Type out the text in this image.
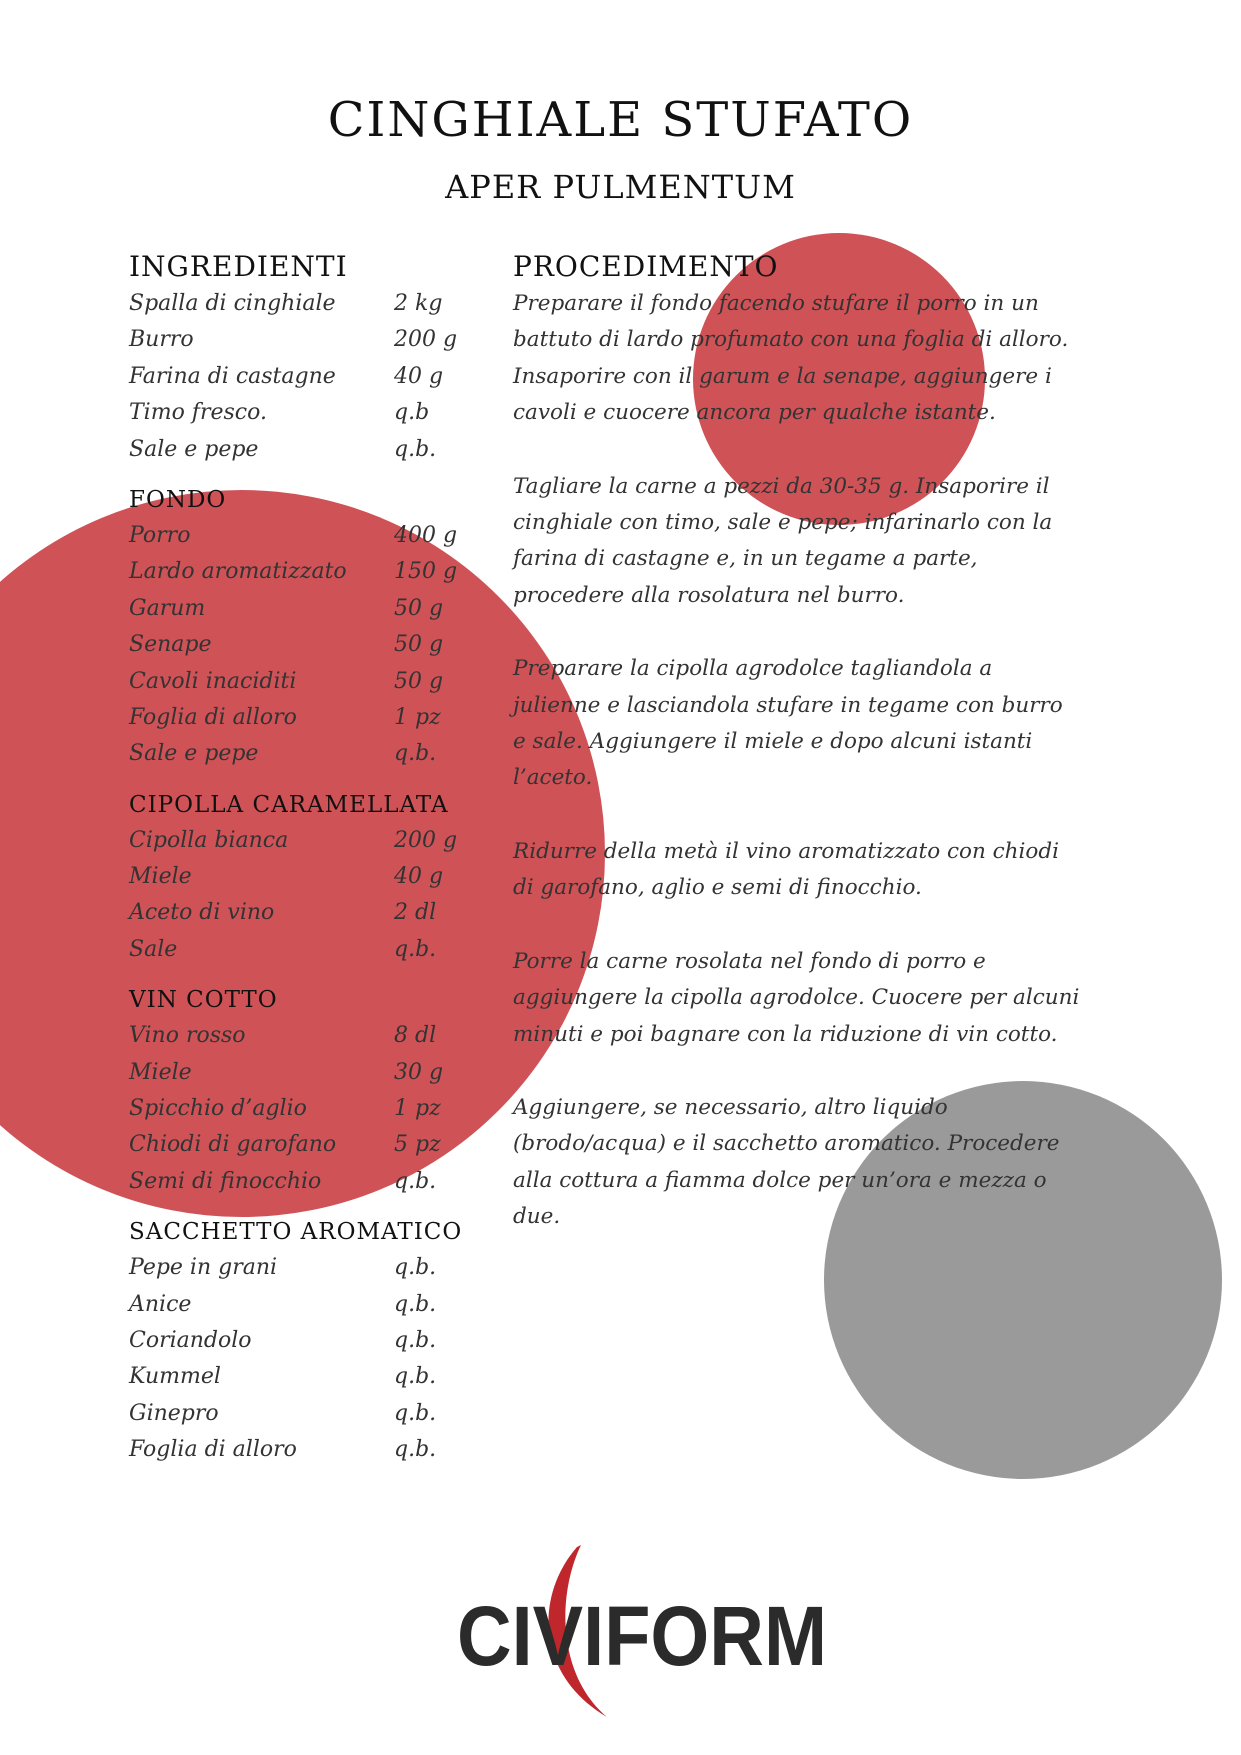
CINGHIALE STUFATO
APER PULMENTUM
INGREDIENTI
Spalla di cinghiale	2 kg
Burro	200 g
Farina di castagne	40 g
Timo fresco.	q.b
Sale e pepe	q.b.
FONDO
Porro	400 g
Lardo aromatizzato	150 g
Garum	50 g
Senape	50 g
Cavoli inaciditi	50 g
Foglia di alloro	1 pz
Sale e pepe	q.b.
CIPOLLA CARAMELLATA
Cipolla bianca	200 g
Miele	40 g
Aceto di vino	2 dl
Sale	q.b.
VIN COTTO
Vino rosso	8 dl
Miele	30 g
Spicchio d’aglio	1 pz
Chiodi di garofano	5 pz
Semi di finocchio	q.b.
SACCHETTO AROMATICO
Pepe in grani	q.b.
Anice	q.b.
Coriandolo	q.b.
Kummel	q.b.
Ginepro	q.b.
Foglia di alloro	q.b.
PROCEDIMENTO

Preparare il fondo facendo stufare il porro in un
battuto di lardo profumato con una foglia di alloro.
Insaporire con il garum e la senape, aggiungere i
cavoli e cuocere ancora per qualche istante.

Tagliare la carne a pezzi da 30-35 g. Insaporire il
cinghiale con timo, sale e pepe; infarinarlo con la
farina di castagne e, in un tegame a parte,
procedere alla rosolatura nel burro.

Preparare la cipolla agrodolce tagliandola a
julienne e lasciandola stufare in tegame con burro
e sale. Aggiungere il miele e dopo alcuni istanti
l’aceto.

Ridurre della metà il vino aromatizzato con chiodi
di garofano, aglio e semi di finocchio.

Porre la carne rosolata nel fondo di porro e
aggiungere la cipolla agrodolce. Cuocere per alcuni
minuti e poi bagnare con la riduzione di vin cotto.

Aggiungere, se necessario, altro liquido
(brodo/acqua) e il sacchetto aromatico. Procedere
alla cottura a fiamma dolce per un’ora e mezza o
due.

CIVIFORM
